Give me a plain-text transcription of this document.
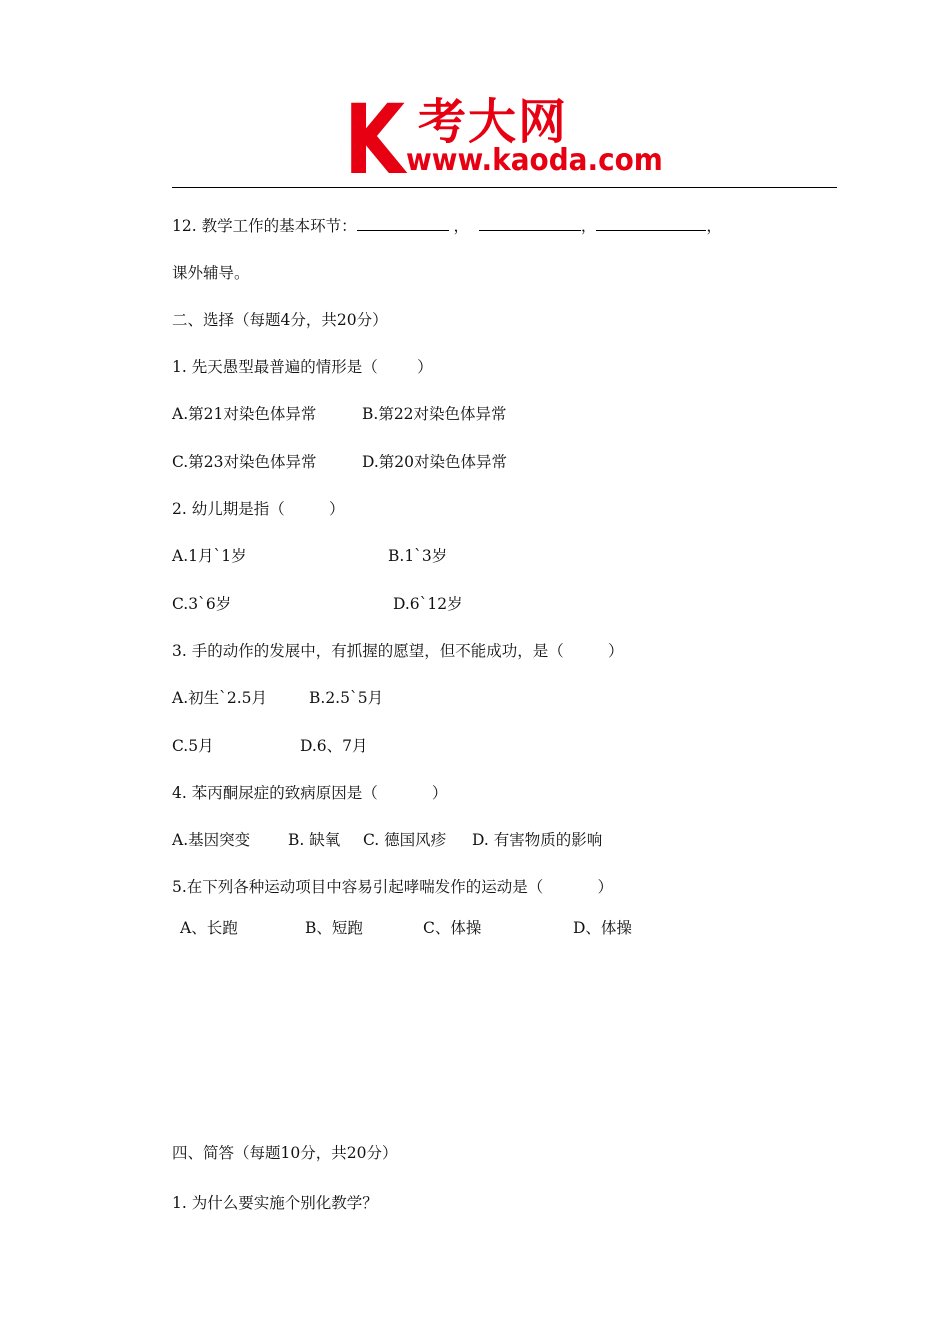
K 考大网
www.kaoda.com
12. 教学工作的基本环节：	，	，	，
课外辅导。
二、选择（每题4分，共20分）
1. 先天愚型最普遍的情形是（        ）
A.第21对染色体异常	B.第22对染色体异常
C.第23对染色体异常	D.第20对染色体异常
2. 幼儿期是指（         ）
A.1月`1岁	B.1`3岁
C.3`6岁	D.6`12岁
3. 手的动作的发展中，有抓握的愿望，但不能成功，是（         ）
A.初生`2.5月	B.2.5`5月
C.5月	D.6、7月
4. 苯丙酮尿症的致病原因是（           ）
A.基因突变 B. 缺氧 C. 德国风疹 D. 有害物质的影响
5.在下列各种运动项目中容易引起哮喘发作的运动是（           ）
A、长跑	B、短跑	C、体操	D、体操
四、简答（每题10分，共20分）
1. 为什么要实施个别化教学？
